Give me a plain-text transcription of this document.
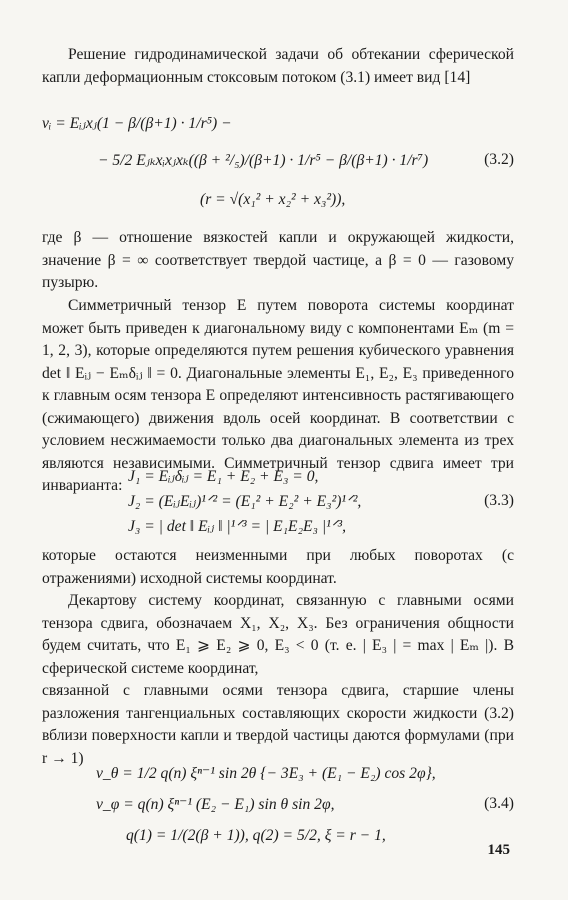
Решение гидродинамической задачи об обтекании сферической капли деформационным стоксовым потоком (3.1) имеет вид [14]

vᵢ = Eᵢⱼxⱼ(1 − β/(β+1) · 1/r⁵) −
− 5/2 Eⱼₖxᵢxⱼxₖ((β + ²/₅)/(β+1) · 1/r⁵ − β/(β+1) · 1/r⁷)	(3.2)
(r = √(x₁² + x₂² + x₃²)),

где β — отношение вязкостей капли и окружающей жидкости, значение β = ∞ соответствует твердой частице, а β = 0 — газовому пузырю.

Симметричный тензор E путем поворота системы координат может быть приведен к диагональному виду с компонентами Eₘ (m = 1, 2, 3), которые определяются путем решения кубического уравнения det ‖ Eᵢⱼ − Eₘδᵢⱼ ‖ = 0. Диагональные элементы E₁, E₂, E₃ приведенного к главным осям тензора E определяют интенсивность растягивающего (сжимающего) движения вдоль осей координат. В соответствии с условием несжимаемости только два диагональных элемента из трех являются независимыми. Симметричный тензор сдвига имеет три инварианта:

J₁ = Eᵢⱼδᵢⱼ = E₁ + E₂ + E₃ = 0,
J₂ = (EᵢⱼEᵢⱼ)¹ᐟ² = (E₁² + E₂² + E₃²)¹ᐟ²,	(3.3)
J₃ = | det ‖ Eᵢⱼ ‖ |¹ᐟ³ = | E₁E₂E₃ |¹ᐟ³,

которые остаются неизменными при любых поворотах (с отражениями) исходной системы координат.

Декартову систему координат, связанную с главными осями тензора сдвига, обозначаем X₁, X₂, X₃. Без ограничения общности будем считать, что E₁ ⩾ E₂ ⩾ 0, E₃ < 0 (т. е. | E₃ | = max | Eₘ |). В сферической системе координат,

связанной с главными осями тензора сдвига, старшие члены разложения тангенциальных составляющих скорости жидкости (3.2) вблизи поверхности капли и твердой частицы даются формулами (при r → 1)

v_θ = 1/2 q(n) ξⁿ⁻¹ sin 2θ {− 3E₃ + (E₁ − E₂) cos 2φ},
v_φ = q(n) ξⁿ⁻¹ (E₂ − E₁) sin θ sin 2φ,	(3.4)
q(1) = 1/(2(β + 1)), q(2) = 5/2, ξ = r − 1,
145
